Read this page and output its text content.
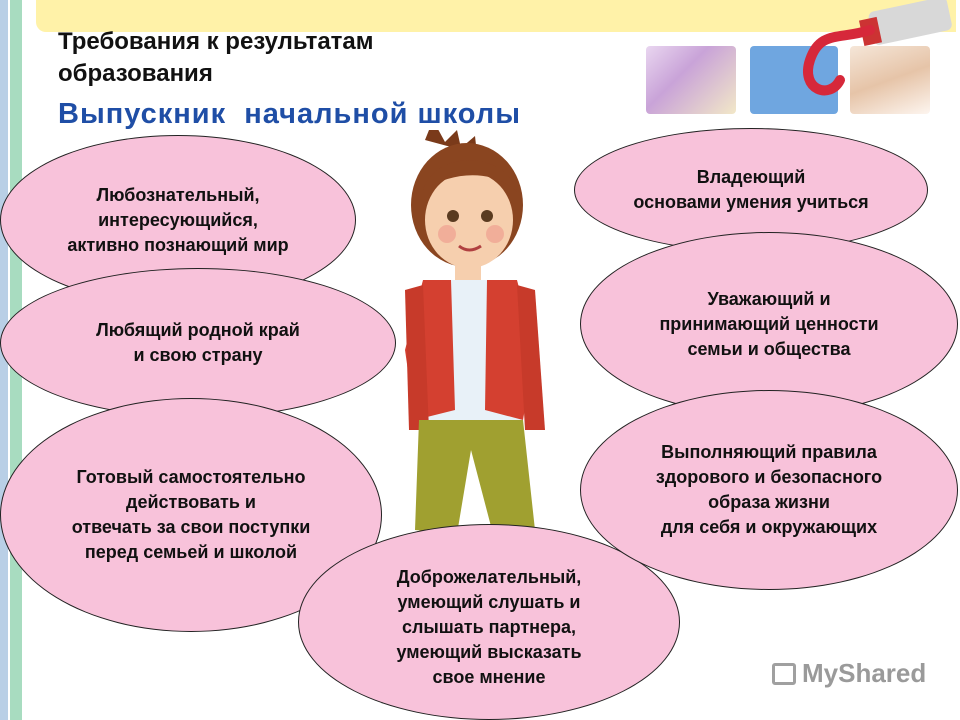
Требования к результатам
образования
Выпускник  начальной школы
Любознательный,
интересующийся,
активно познающий мир
Любящий родной край
и свою страну
Готовый самостоятельно
действовать и
отвечать за свои поступки
перед семьей и школой
Доброжелательный,
умеющий слушать и
слышать партнера,
умеющий высказать
свое мнение
Владеющий
основами умения учиться
Уважающий и
принимающий ценности
семьи и общества
Выполняющий правила
здорового и безопасного
образа жизни
для себя и окружающих
MyShared
